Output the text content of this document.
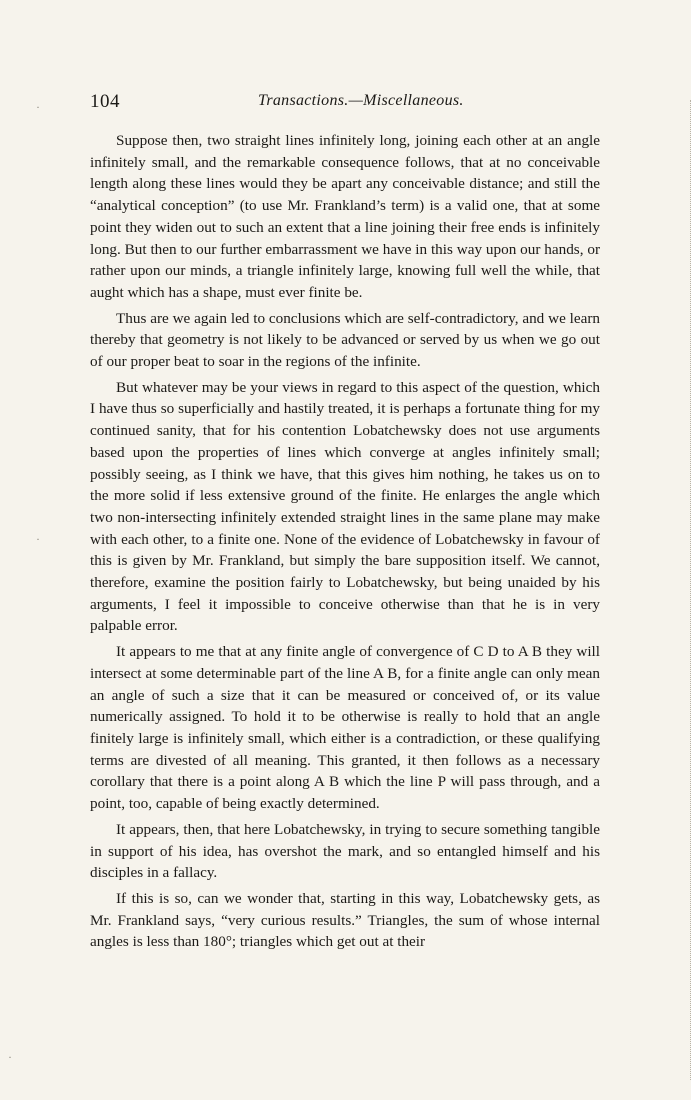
104	Transactions.—Miscellaneous.

Suppose then, two straight lines infinitely long, joining each other at an angle infinitely small, and the remarkable consequence follows, that at no conceivable length along these lines would they be apart any conceivable distance; and still the “analytical conception” (to use Mr. Frankland’s term) is a valid one, that at some point they widen out to such an extent that a line joining their free ends is infinitely long. But then to our further embarrassment we have in this way upon our hands, or rather upon our minds, a triangle infinitely large, knowing full well the while, that aught which has a shape, must ever finite be.

Thus are we again led to conclusions which are self-contradictory, and we learn thereby that geometry is not likely to be advanced or served by us when we go out of our proper beat to soar in the regions of the infinite.

But whatever may be your views in regard to this aspect of the question, which I have thus so superficially and hastily treated, it is perhaps a fortunate thing for my continued sanity, that for his contention Lobatchewsky does not use arguments based upon the properties of lines which converge at angles infinitely small; possibly seeing, as I think we have, that this gives him nothing, he takes us on to the more solid if less extensive ground of the finite. He enlarges the angle which two non-intersecting infinitely extended straight lines in the same plane may make with each other, to a finite one. None of the evidence of Lobatchewsky in favour of this is given by Mr. Frankland, but simply the bare supposition itself. We cannot, therefore, examine the position fairly to Lobatchewsky, but being unaided by his arguments, I feel it impossible to conceive otherwise than that he is in very palpable error.

It appears to me that at any finite angle of convergence of C D to A B they will intersect at some determinable part of the line A B, for a finite angle can only mean an angle of such a size that it can be measured or conceived of, or its value numerically assigned. To hold it to be otherwise is really to hold that an angle finitely large is infinitely small, which either is a contradiction, or these qualifying terms are divested of all meaning. This granted, it then follows as a necessary corollary that there is a point along A B which the line P will pass through, and a point, too, capable of being exactly determined.

It appears, then, that here Lobatchewsky, in trying to secure something tangible in support of his idea, has overshot the mark, and so entangled himself and his disciples in a fallacy.

If this is so, can we wonder that, starting in this way, Lobatchewsky gets, as Mr. Frankland says, “very curious results.” Triangles, the sum of whose internal angles is less than 180°; triangles which get out at their

·
·
·
